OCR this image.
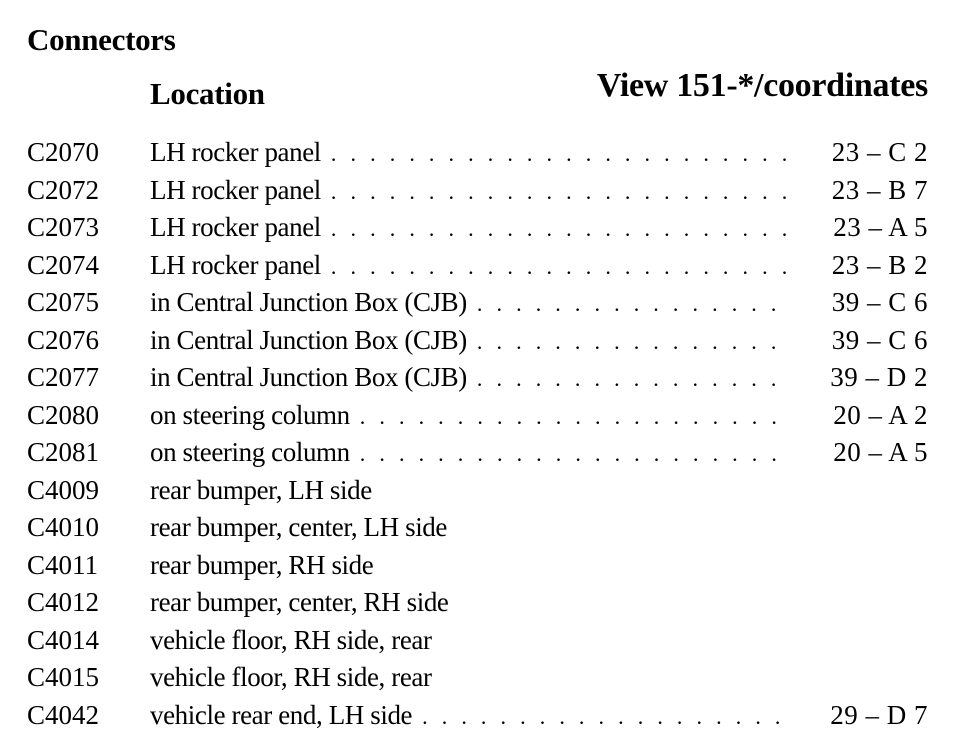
Connectors
Location	View 151-*/coordinates
C2070 LH rocker panel . . .	23 – C 2
C2072 LH rocker panel . . .	23 – B 7
C2073 LH rocker panel . . .	23 – A 5
C2074 LH rocker panel . . .	23 – B 2
C2075 in Central Junction Box (CJB) . . .	39 – C 6
C2076 in Central Junction Box (CJB) . . .	39 – C 6
C2077 in Central Junction Box (CJB) . . .	39 – D 2
C2080 on steering column . . .	20 – A 2
C2081 on steering column . . .	20 – A 5
C4009 rear bumper, LH side
C4010 rear bumper, center, LH side
C4011 rear bumper, RH side
C4012 rear bumper, center, RH side
C4014 vehicle floor, RH side, rear
C4015 vehicle floor, RH side, rear
C4042 vehicle rear end, LH side . . .	29 – D 7
